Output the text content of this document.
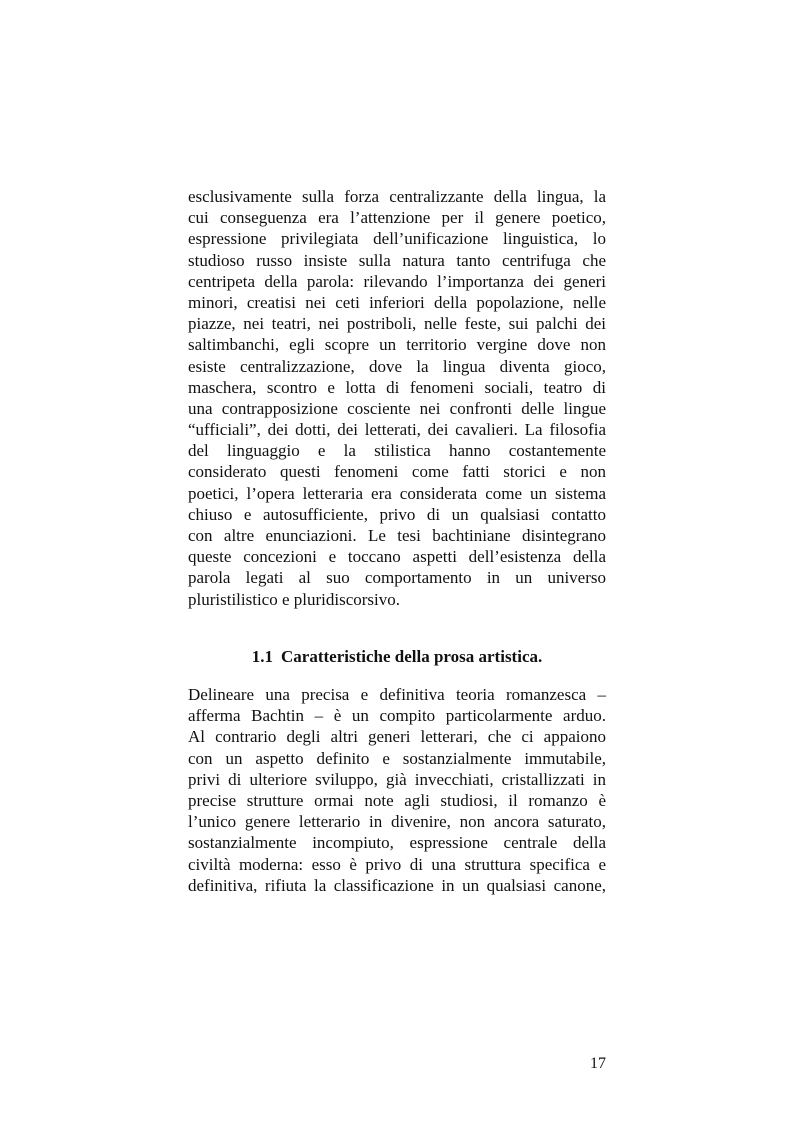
esclusivamente sulla forza centralizzante della lingua, la
cui conseguenza era l’attenzione per il genere poetico,
espressione privilegiata dell’unificazione linguistica, lo
studioso russo insiste sulla natura tanto centrifuga che
centripeta della parola: rilevando l’importanza dei generi
minori, creatisi nei ceti inferiori della popolazione, nelle
piazze, nei teatri, nei postriboli, nelle feste, sui palchi dei
saltimbanchi, egli scopre un territorio vergine dove non
esiste centralizzazione, dove la lingua diventa gioco,
maschera, scontro e lotta di fenomeni sociali, teatro di
una contrapposizione cosciente nei confronti delle lingue
“ufficiali”, dei dotti, dei letterati, dei cavalieri. La filosofia
del linguaggio e la stilistica hanno costantemente
considerato questi fenomeni come fatti storici e non
poetici, l’opera letteraria era considerata come un sistema
chiuso e autosufficiente, privo di un qualsiasi contatto
con altre enunciazioni. Le tesi bachtiniane disintegrano
queste concezioni e toccano aspetti dell’esistenza della
parola legati al suo comportamento in un universo
pluristilistico e pluridiscorsivo.
1.1 Caratteristiche della prosa artistica.
Delineare una precisa e definitiva teoria romanzesca –
afferma Bachtin – è un compito particolarmente arduo.
Al contrario degli altri generi letterari, che ci appaiono
con un aspetto definito e sostanzialmente immutabile,
privi di ulteriore sviluppo, già invecchiati, cristallizzati in
precise strutture ormai note agli studiosi, il romanzo è
l’unico genere letterario in divenire, non ancora saturato,
sostanzialmente incompiuto, espressione centrale della
civiltà moderna: esso è privo di una struttura specifica e
definitiva, rifiuta la classificazione in un qualsiasi canone,
17
